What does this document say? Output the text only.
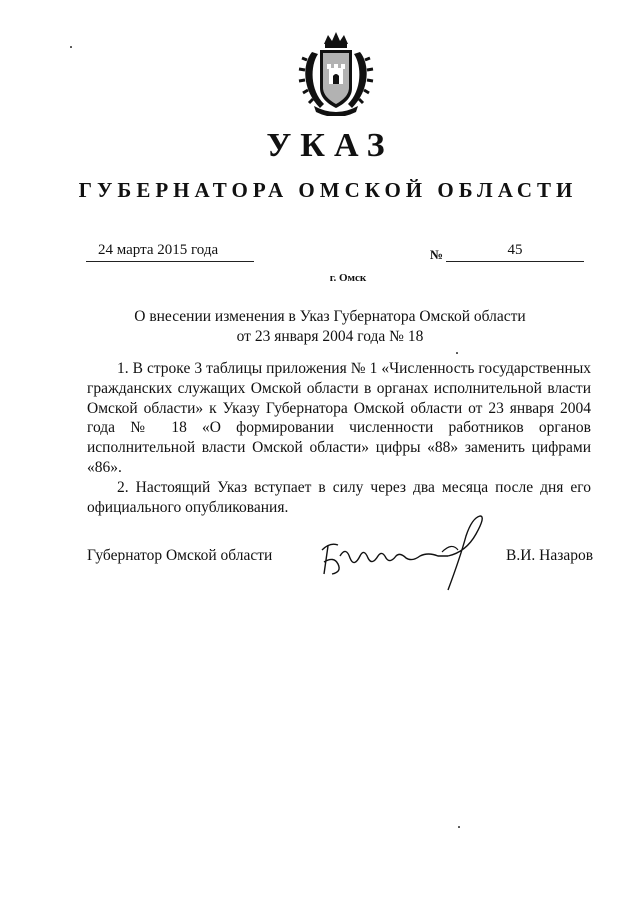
УКАЗ
ГУБЕРНАТОРА ОМСКОЙ ОБЛАСТИ
24 марта 2015 года	№	45
г. Омск
О внесении изменения в Указ Губернатора Омской области
от 23 января 2004 года № 18

1. В строке 3 таблицы приложения № 1 «Численность государственных гражданских служащих Омской области в органах исполнительной власти Омской области» к Указу Губернатора Омской области от 23 января 2004 года № 18 «О формировании численности работников органов исполнительной власти Омской области» цифры «88» заменить цифрами «86».

2. Настоящий Указ вступает в силу через два месяца после дня его официального опубликования.

Губернатор Омской области	В.И. Назаров
